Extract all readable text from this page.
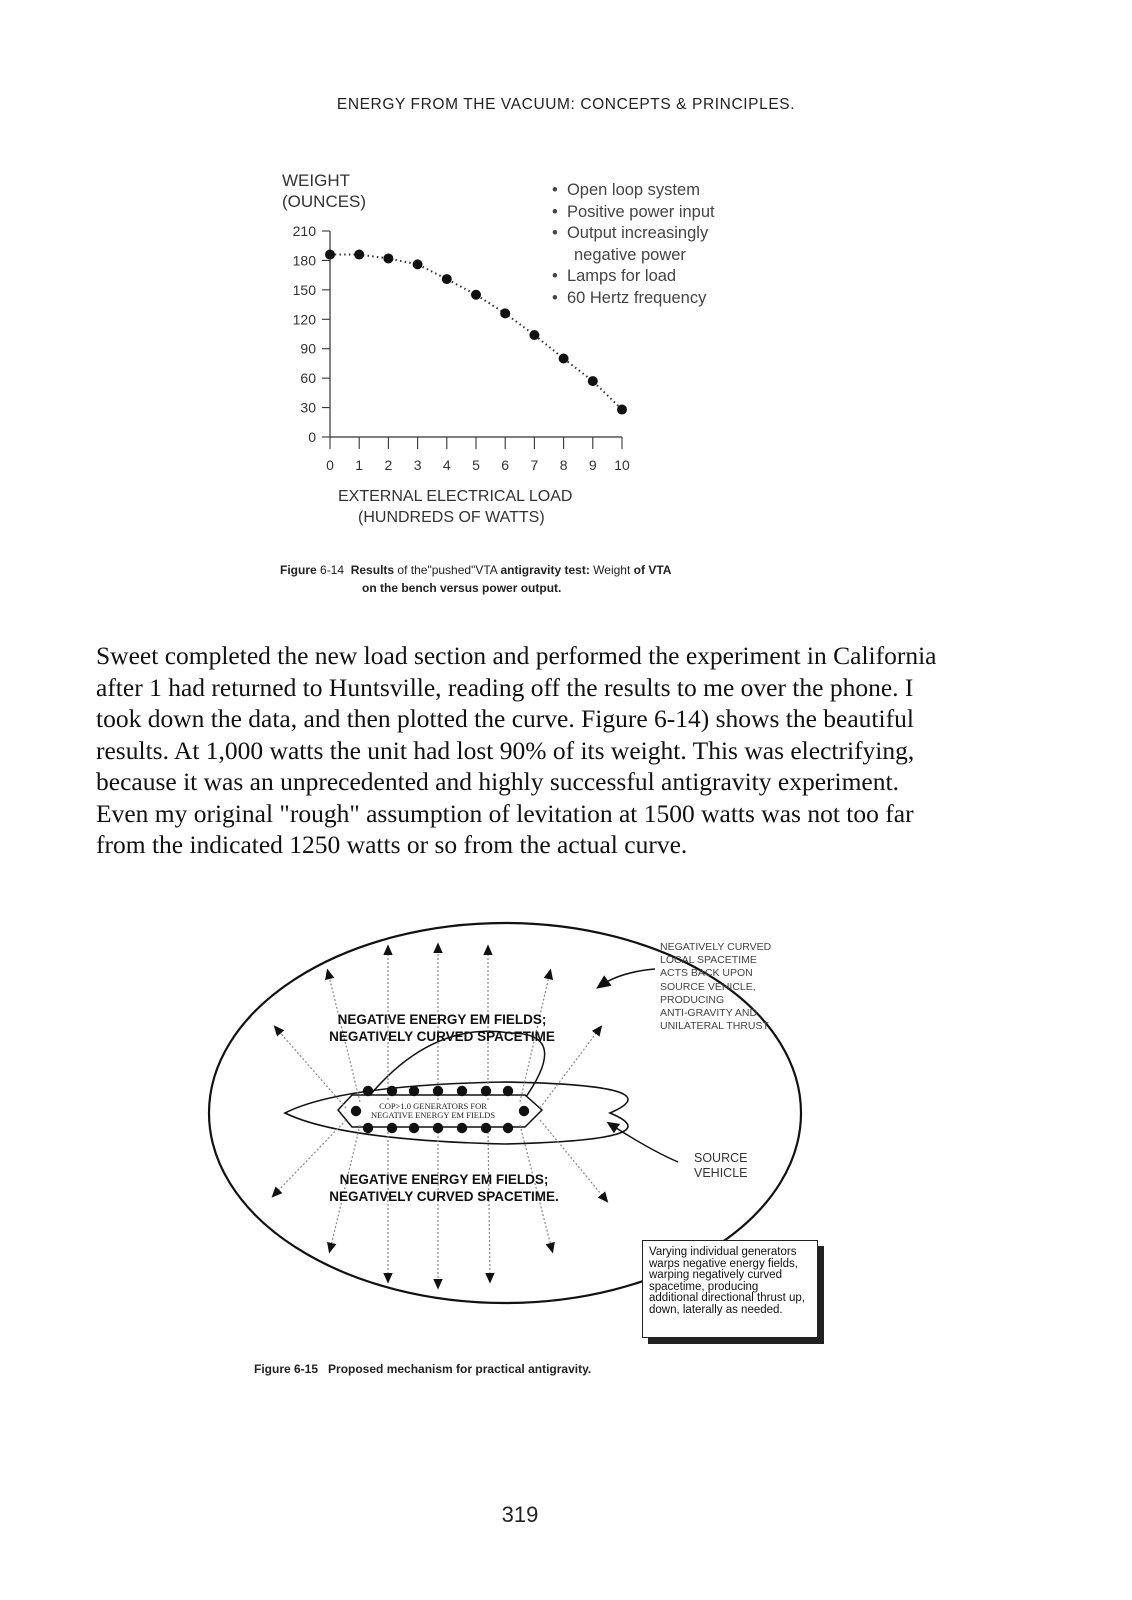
ENERGY FROM THE VACUUM: CONCEPTS & PRINCIPLES.
WEIGHT
(OUNCES)
0
30
60
90
120
150
180
210
0 1 2 3 4 5 6 7 8 9 10
•  Open loop system
•  Positive power input
•  Output increasingly
negative power
•  Lamps for load
•  60 Hertz frequency
EXTERNAL ELECTRICAL LOAD
(HUNDREDS OF WATTS)
Figure 6-14 Results of the"pushed"VTA antigravity test: Weight of VTA
on the bench versus power output.

Sweet completed the new load section and performed the experiment in California after 1 had returned to Huntsville, reading off the results to me over the phone. I took down the data, and then plotted the curve. Figure 6-14) shows the beautiful results. At 1,000 watts the unit had lost 90% of its weight. This was electrifying, because it was an unprecedented and highly successful antigravity experiment. Even my original "rough" assumption of levitation at 1500 watts was not too far from the indicated 1250 watts or so from the actual curve.

NEGATIVE ENERGY EM FIELDS;
NEGATIVELY CURVED SPACETIME
COP>1.0 GENERATORS FOR
NEGATIVE ENERGY EM FIELDS
NEGATIVE ENERGY EM FIELDS;
NEGATIVELY CURVED SPACETIME.
NEGATIVELY CURVED
LOCAL SPACETIME
ACTS BACK UPON
SOURCE VEHICLE,
PRODUCING
ANTI-GRAVITY AND
UNILATERAL THRUST
SOURCE
VEHICLE
Varying individual generators
warps negative energy fields,
warping negatively curved
spacetime, producing
additional directional thrust up,
down, laterally as needed.
Figure 6-15   Proposed mechanism for practical antigravity.
319
